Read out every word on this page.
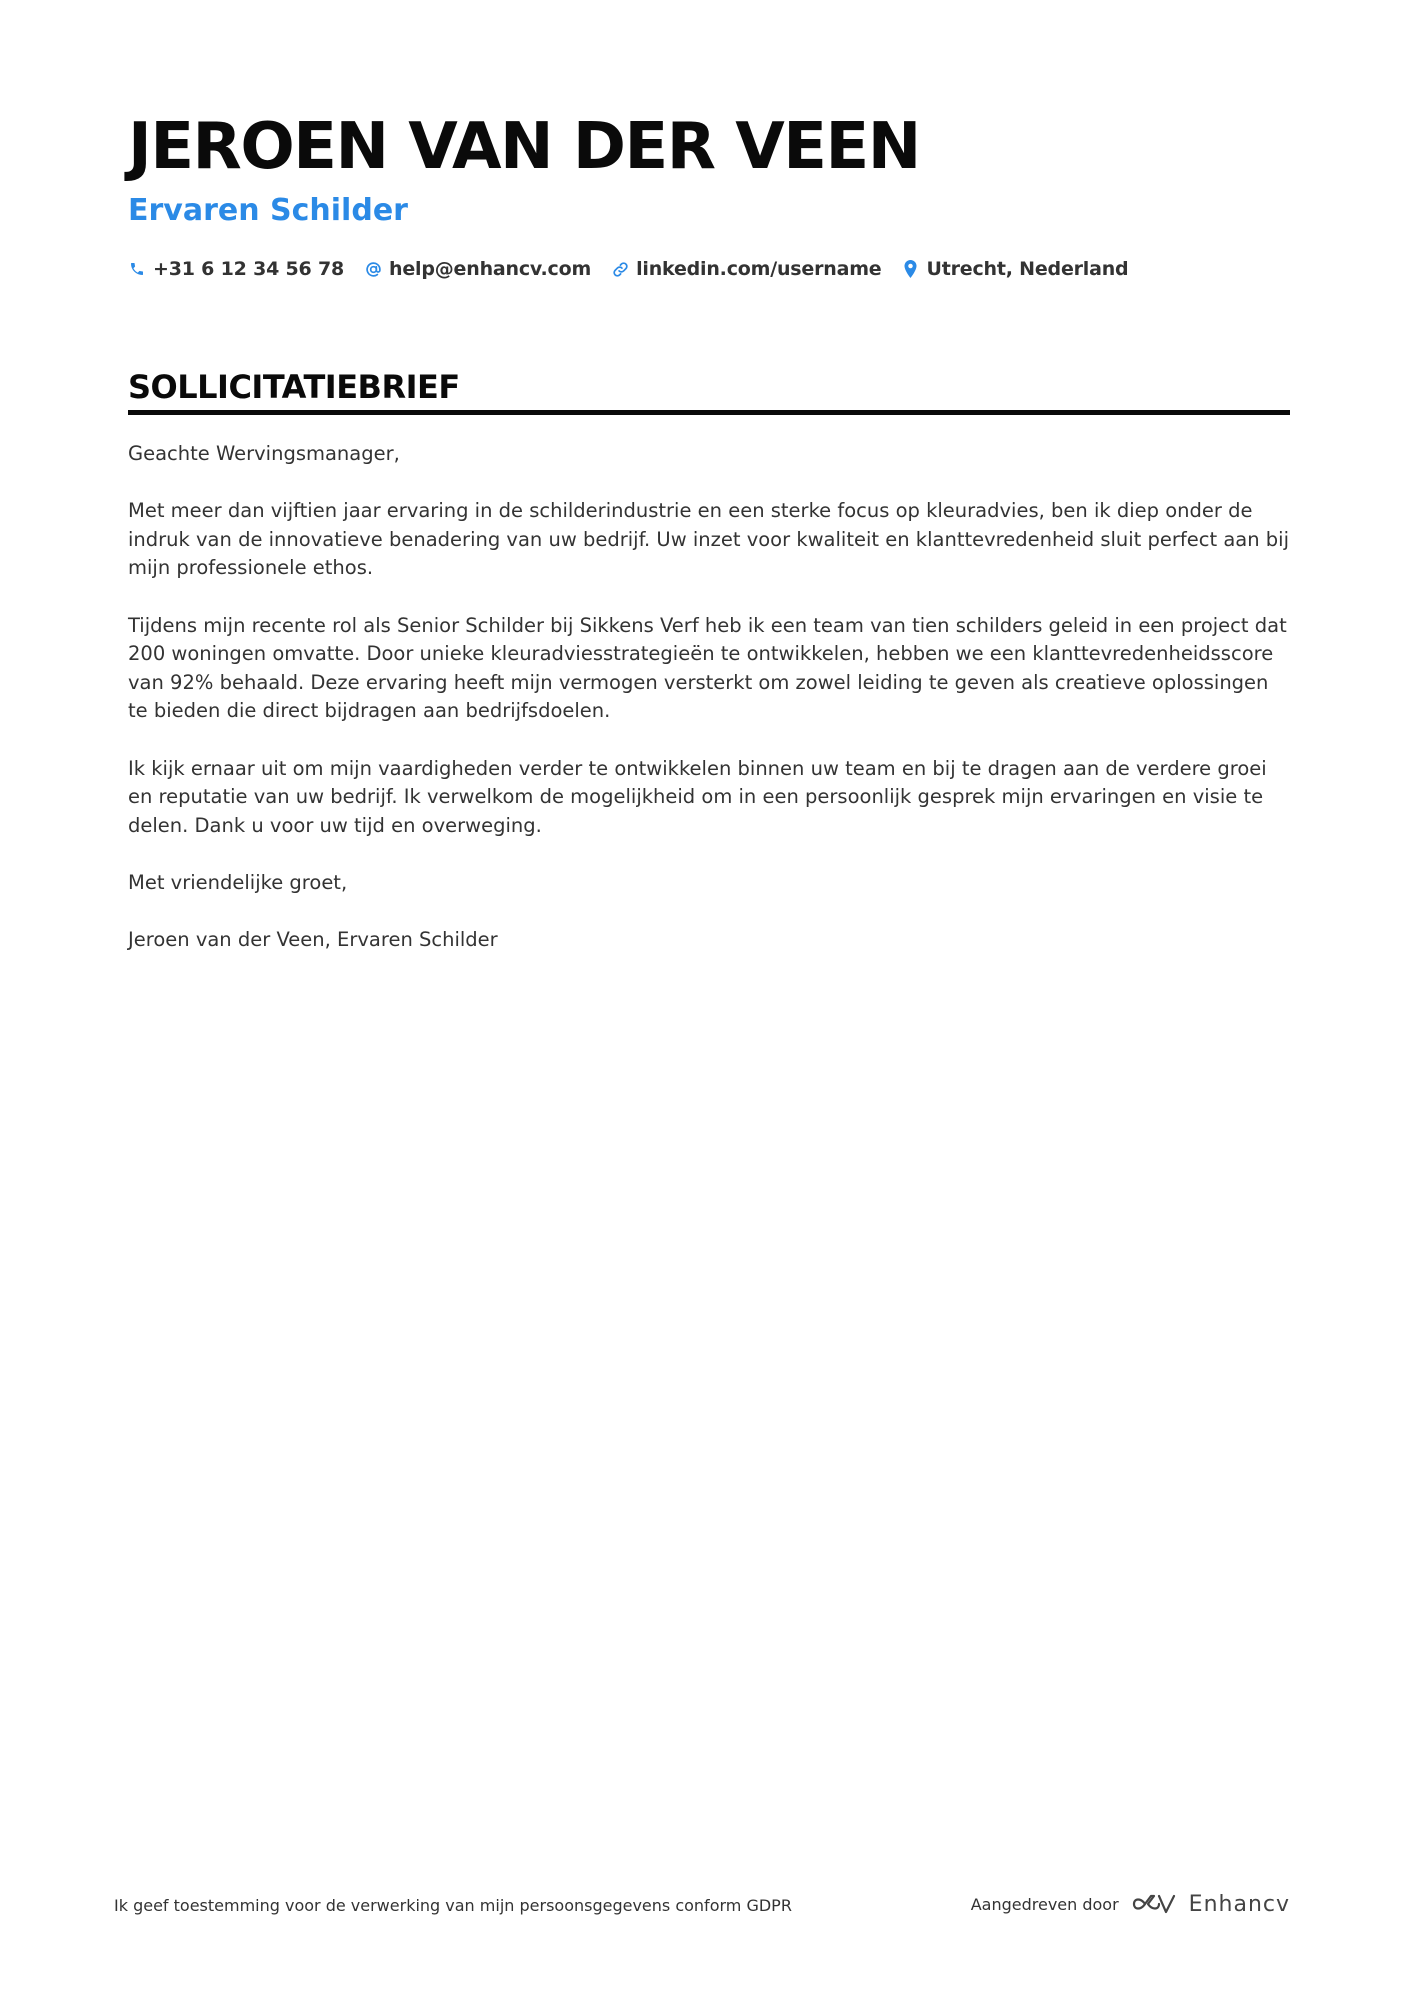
JEROEN VAN DER VEEN
Ervaren Schilder
+31 6 12 34 56 78 help@enhancv.com linkedin.com/username Utrecht, Nederland
SOLLICITATIEBRIEF

Geachte Wervingsmanager,

Met meer dan vijftien jaar ervaring in de schilderindustrie en een sterke focus op kleuradvies, ben ik diep onder de indruk van de innovatieve benadering van uw bedrijf. Uw inzet voor kwaliteit en klanttevredenheid sluit perfect aan bij mijn professionele ethos.

Tijdens mijn recente rol als Senior Schilder bij Sikkens Verf heb ik een team van tien schilders geleid in een project dat 200 woningen omvatte. Door unieke kleuradviesstrategieën te ontwikkelen, hebben we een klanttevredenheidsscore van 92% behaald. Deze ervaring heeft mijn vermogen versterkt om zowel leiding te geven als creatieve oplossingen te bieden die direct bijdragen aan bedrijfsdoelen.

Ik kijk ernaar uit om mijn vaardigheden verder te ontwikkelen binnen uw team en bij te dragen aan de verdere groei en reputatie van uw bedrijf. Ik verwelkom de mogelijkheid om in een persoonlijk gesprek mijn ervaringen en visie te delen. Dank u voor uw tijd en overweging.

Met vriendelijke groet,

Jeroen van der Veen, Ervaren Schilder

Ik geef toestemming voor de verwerking van mijn persoonsgegevens conform GDPR	Aangedreven door	Enhancv
